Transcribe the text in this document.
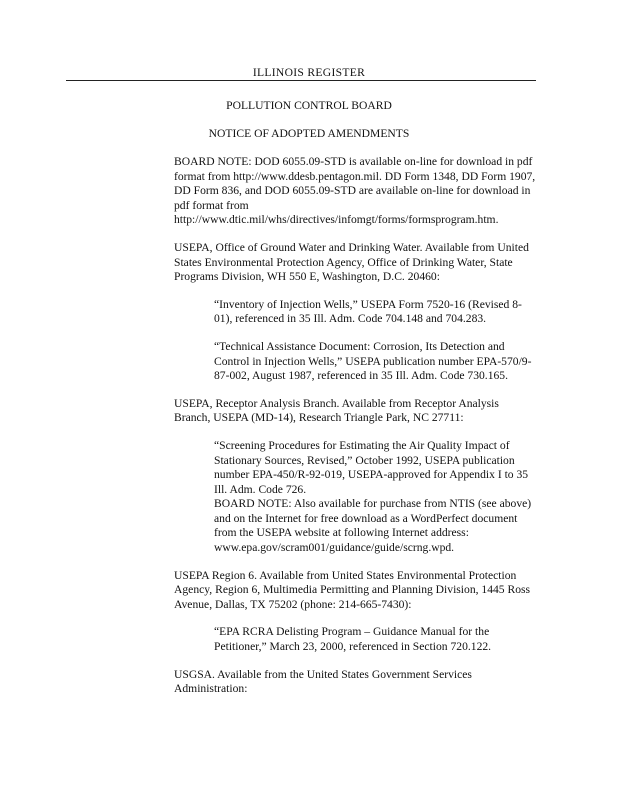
ILLINOIS REGISTER
POLLUTION CONTROL BOARD
NOTICE OF ADOPTED AMENDMENTS

BOARD NOTE: DOD 6055.09-STD is available on-line for download in pdf format from http://www.ddesb.pentagon.mil. DD Form 1348, DD Form 1907, DD Form 836, and DOD 6055.09-STD are available on-line for download in pdf format from http://www.dtic.mil/whs/directives/infomgt/forms/formsprogram.htm.

USEPA, Office of Ground Water and Drinking Water. Available from United States Environmental Protection Agency, Office of Drinking Water, State Programs Division, WH 550 E, Washington, D.C. 20460:

“Inventory of Injection Wells,” USEPA Form 7520-16 (Revised 8-01), referenced in 35 Ill. Adm. Code 704.148 and 704.283.

“Technical Assistance Document: Corrosion, Its Detection and Control in Injection Wells,” USEPA publication number EPA-570/9-87-002, August 1987, referenced in 35 Ill. Adm. Code 730.165.

USEPA, Receptor Analysis Branch. Available from Receptor Analysis Branch, USEPA (MD-14), Research Triangle Park, NC 27711:

“Screening Procedures for Estimating the Air Quality Impact of Stationary Sources, Revised,” October 1992, USEPA publication number EPA-450/R-92-019, USEPA-approved for Appendix I to 35 Ill. Adm. Code 726.

BOARD NOTE: Also available for purchase from NTIS (see above) and on the Internet for free download as a WordPerfect document from the USEPA website at following Internet address: www.epa.gov/scram001/guidance/guide/scrng.wpd.

USEPA Region 6. Available from United States Environmental Protection Agency, Region 6, Multimedia Permitting and Planning Division, 1445 Ross Avenue, Dallas, TX 75202 (phone: 214-665-7430):

“EPA RCRA Delisting Program – Guidance Manual for the Petitioner,” March 23, 2000, referenced in Section 720.122.

USGSA. Available from the United States Government Services Administration:
